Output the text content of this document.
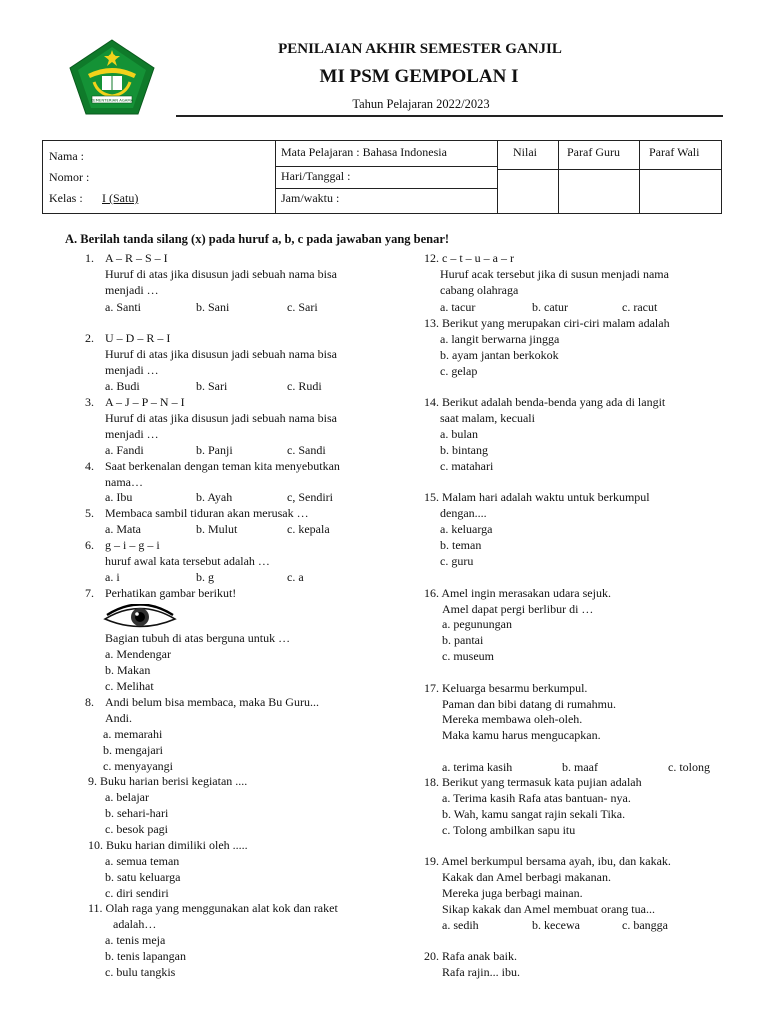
KEMENTERIAN AGAMA
PENILAIAN AKHIR SEMESTER GANJIL
MI PSM GEMPOLAN I
Tahun Pelajaran 2022/2023
Nama :
Nomor :
Kelas : I (Satu)
Mata Pelajaran : Bahasa Indonesia
Hari/Tanggal :
Jam/waktu :
Nilai	Paraf Guru Paraf Wali
A. Berilah tanda silang (x) pada huruf a, b, c pada jawaban yang benar!
1. A – R – S – I
Huruf di atas jika disusun jadi sebuah nama bisa
menjadi …
a. Santi	b. Sani	c. Sari
2. U – D – R – I
Huruf di atas jika disusun jadi sebuah nama bisa
menjadi …
a. Budi	b. Sari	c. Rudi
3. A – J – P – N – I
Huruf di atas jika disusun jadi sebuah nama bisa
menjadi …
a. Fandi	b. Panji	c. Sandi
4. Saat berkenalan dengan teman kita menyebutkan
nama…
a. Ibu	b. Ayah	c, Sendiri
5. Membaca sambil tiduran akan merusak …
a. Mata	b. Mulut	c. kepala
6. g – i – g – i
huruf awal kata tersebut adalah …
a. i	b. g	c. a
7. Perhatikan gambar berikut!
Bagian tubuh di atas berguna untuk …
a. Mendengar
b. Makan
c. Melihat
8. Andi belum bisa membaca, maka Bu Guru...
Andi.
a. memarahi
b. mengajari
c. menyayangi
9. Buku harian berisi kegiatan ....
a. belajar
b. sehari-hari
c. besok pagi
10. Buku harian dimiliki oleh .....
a. semua teman
b. satu keluarga
c. diri sendiri
11. Olah raga yang menggunakan alat kok dan raket
adalah…
a. tenis meja
b. tenis lapangan
c. bulu tangkis
12. c – t – u – a – r
Huruf acak tersebut jika di susun menjadi nama
cabang olahraga
a. tacur	b. catur	c. racut
13. Berikut yang merupakan ciri-ciri malam adalah
a. langit berwarna jingga
b. ayam jantan berkokok
c. gelap
14. Berikut adalah benda-benda yang ada di langit
saat malam, kecuali
a. bulan
b. bintang
c. matahari
15. Malam hari adalah waktu untuk berkumpul
dengan....
a. keluarga
b. teman
c. guru
16. Amel ingin merasakan udara sejuk.
Amel dapat pergi berlibur di …
a. pegunungan
b. pantai
c. museum
17. Keluarga besarmu berkumpul.
Paman dan bibi datang di rumahmu.
Mereka membawa oleh-oleh.
Maka kamu harus mengucapkan.
a. terima kasih	b. maaf	c. tolong
18. Berikut yang termasuk kata pujian adalah
a. Terima kasih Rafa atas bantuan- nya.
b. Wah, kamu sangat rajin sekali Tika.
c. Tolong ambilkan sapu itu
19. Amel berkumpul bersama ayah, ibu, dan kakak.
Kakak dan Amel berbagi makanan.
Mereka juga berbagi mainan.
Sikap kakak dan Amel membuat orang tua...
a. sedih	b. kecewa	c. bangga
20. Rafa anak baik.
Rafa rajin... ibu.
